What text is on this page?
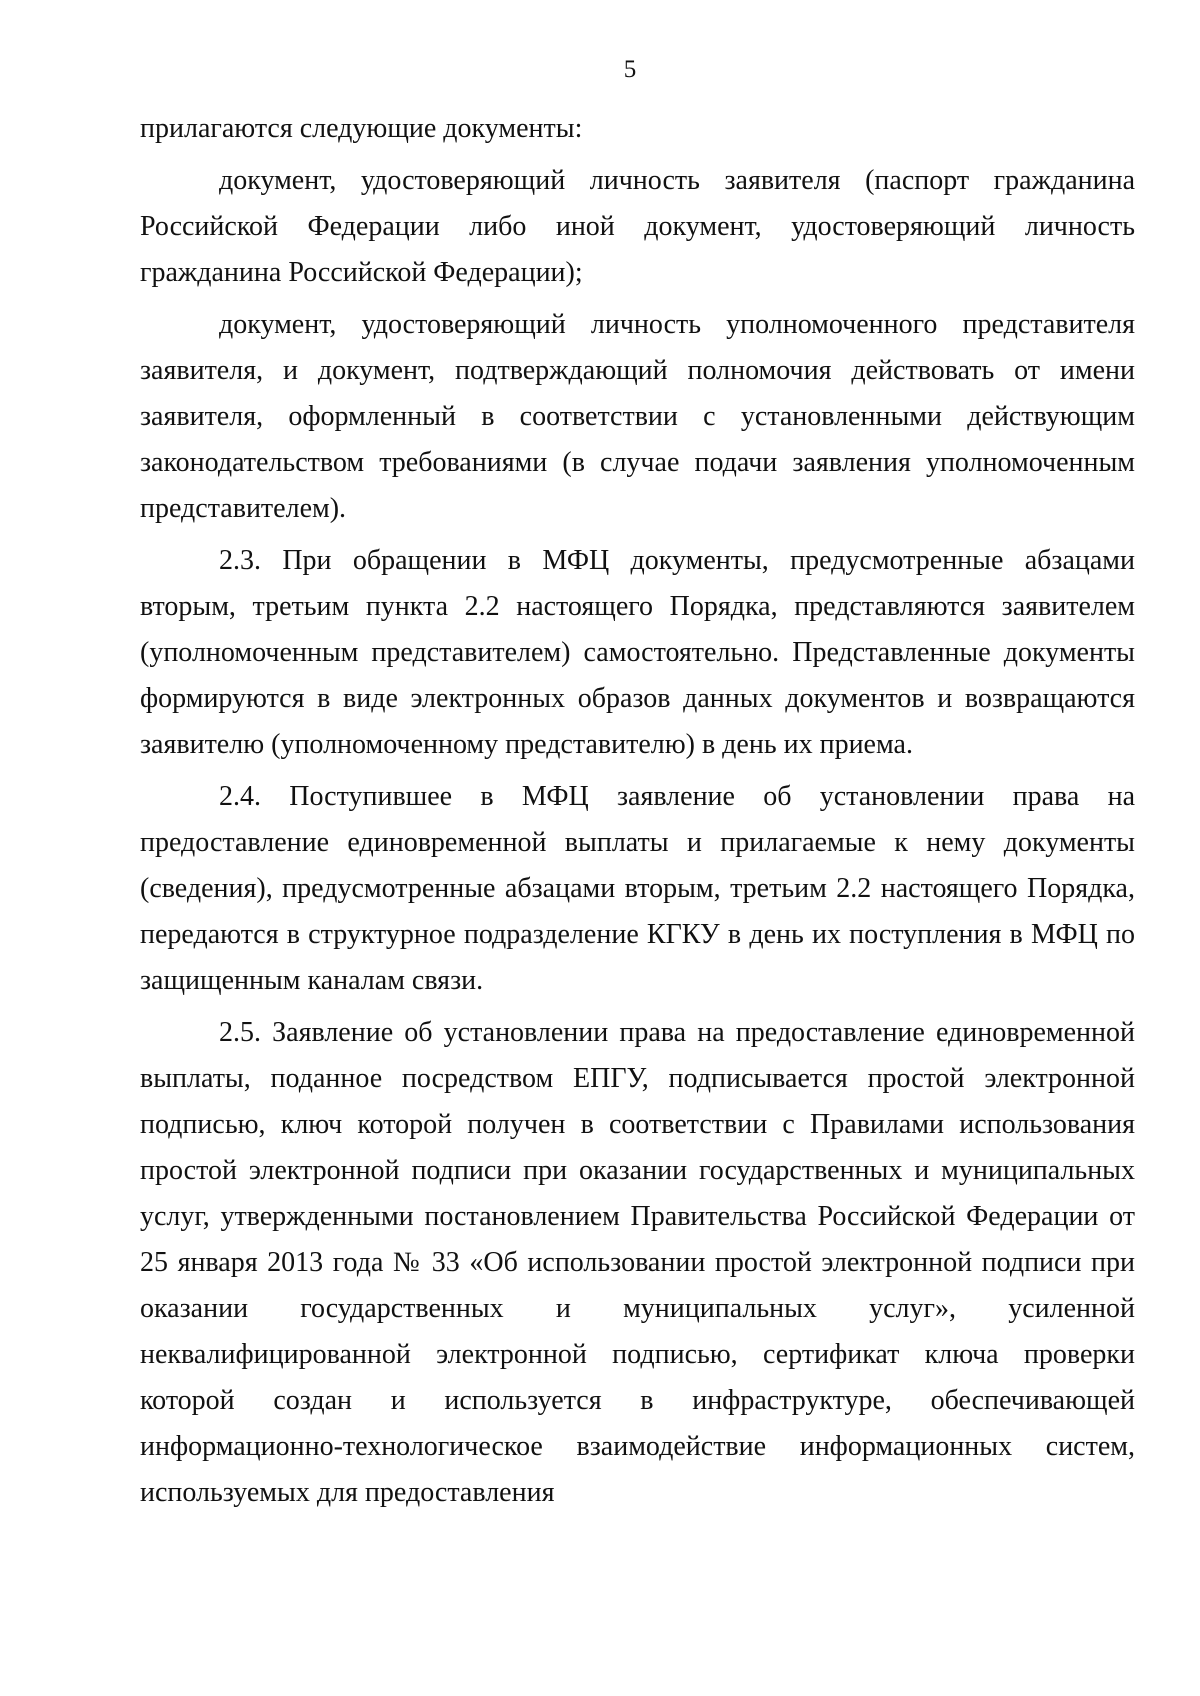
5

прилагаются следующие документы:

документ, удостоверяющий личность заявителя (паспорт гражданина Российской Федерации либо иной документ, удостоверяющий личность гражданина Российской Федерации);

документ, удостоверяющий личность уполномоченного представителя заявителя, и документ, подтверждающий полномочия действовать от имени заявителя, оформленный в соответствии с установленными действующим законодательством требованиями (в случае подачи заявления уполномоченным представителем).

2.3. При обращении в МФЦ документы, предусмотренные абзацами вторым, третьим пункта 2.2 настоящего Порядка, представляются заявителем (уполномоченным представителем) самостоятельно. Представленные документы формируются в виде электронных образов данных документов и возвращаются заявителю (уполномоченному представителю) в день их приема.

2.4. Поступившее в МФЦ заявление об установлении права на предоставление единовременной выплаты и прилагаемые к нему документы (сведения), предусмотренные абзацами вторым, третьим 2.2 настоящего Порядка, передаются в структурное подразделение КГКУ в день их поступления в МФЦ по защищенным каналам связи.

2.5. Заявление об установлении права на предоставление единовременной выплаты, поданное посредством ЕПГУ, подписывается простой электронной подписью, ключ которой получен в соответствии с Правилами использования простой электронной подписи при оказании государственных и муниципальных услуг, утвержденными постановлением Правительства Российской Федерации от 25 января 2013 года № 33 «Об использовании простой электронной подписи при оказании государственных и муниципальных услуг», усиленной неквалифицированной электронной подписью, сертификат ключа проверки которой создан и используется в инфраструктуре, обеспечивающей информационно-технологическое взаимодействие информационных систем, используемых для предоставления
